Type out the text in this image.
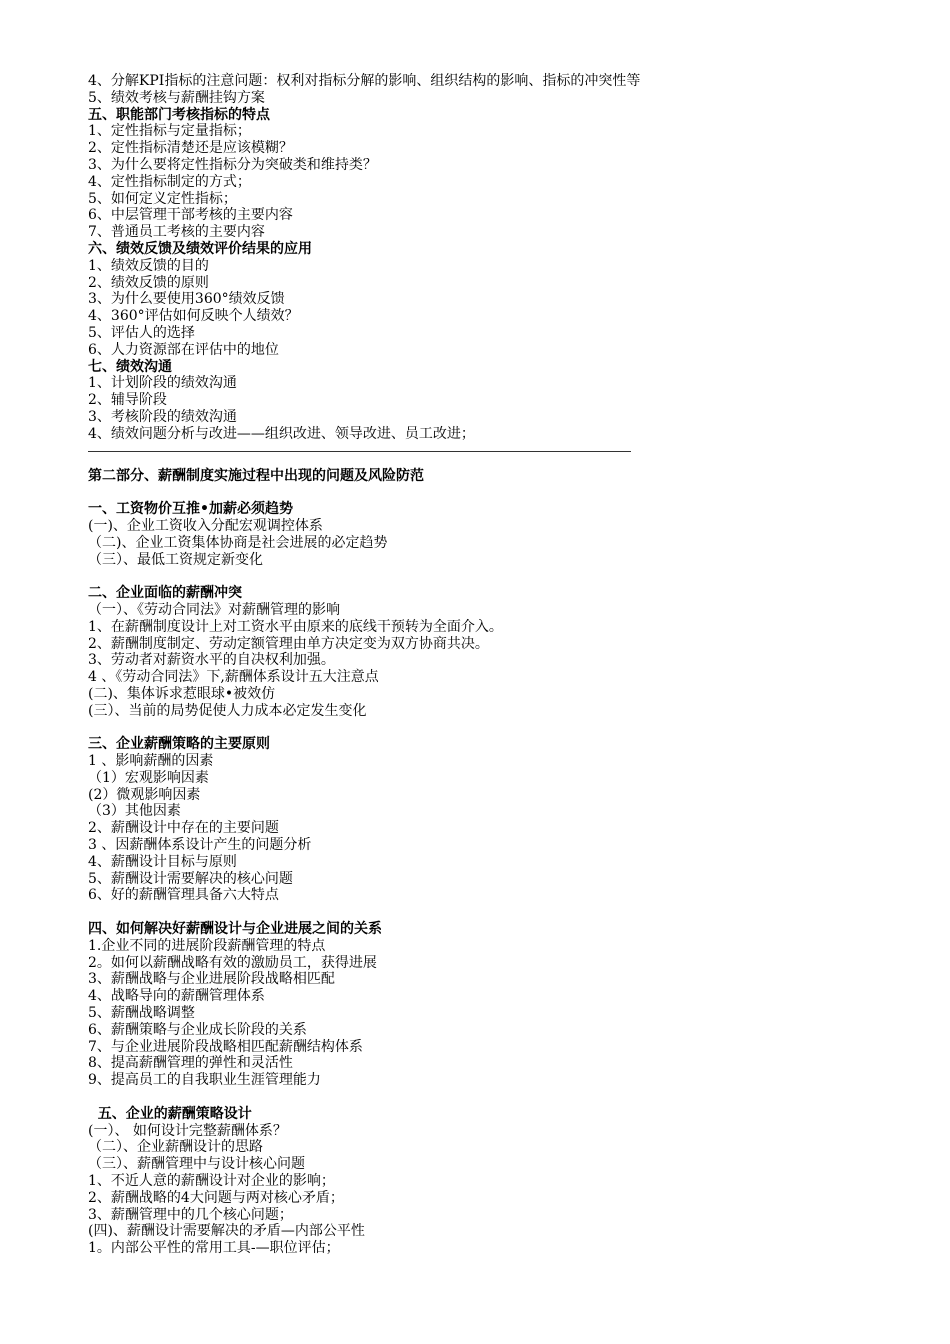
4、分解KPI指标的注意问题：权利对指标分解的影响、组织结构的影响、指标的冲突性等
5、绩效考核与薪酬挂钩方案
五、职能部门考核指标的特点
1、定性指标与定量指标；
2、定性指标清楚还是应该模糊？
3、为什么要将定性指标分为突破类和维持类？
4、定性指标制定的方式；
5、如何定义定性指标；
6、中层管理干部考核的主要内容
7、普通员工考核的主要内容
六、绩效反馈及绩效评价结果的应用
1、绩效反馈的目的
2、绩效反馈的原则
3、为什么要使用360°绩效反馈
4、360°评估如何反映个人绩效？
5、评估人的选择
6、人力资源部在评估中的地位
七、绩效沟通
1、计划阶段的绩效沟通
2、辅导阶段
3、考核阶段的绩效沟通
4、绩效问题分析与改进——组织改进、领导改进、员工改进；
第二部分、薪酬制度实施过程中出现的问题及风险防范
一、工资物价互推•加薪必须趋势
(一)、企业工资收入分配宏观调控体系
（二)、企业工资集体协商是社会进展的必定趋势
（三）、最低工资规定新变化
二、企业面临的薪酬冲突
（一）、《劳动合同法》对薪酬管理的影响
1、在薪酬制度设计上对工资水平由原来的底线干预转为全面介入。
2、薪酬制度制定、劳动定额管理由单方决定变为双方协商共决。
3、劳动者对薪资水平的自决权利加强。
4 、《劳动合同法》下,薪酬体系设计五大注意点
(二)、集体诉求惹眼球•被效仿
(三）、当前的局势促使人力成本必定发生变化
三、企业薪酬策略的主要原则
1 、影响薪酬的因素
（1）宏观影响因素
(2）微观影响因素
（3）其他因素
2、薪酬设计中存在的主要问题
3 、因薪酬体系设计产生的问题分析
4、薪酬设计目标与原则
5、薪酬设计需要解决的核心问题
6、好的薪酬管理具备六大特点
四、如何解决好薪酬设计与企业进展之间的关系
1.企业不同的进展阶段薪酬管理的特点
2。如何以薪酬战略有效的激励员工，获得进展
3、薪酬战略与企业进展阶段战略相匹配
4、战略导向的薪酬管理体系
5、薪酬战略调整
6、薪酬策略与企业成长阶段的关系
7、与企业进展阶段战略相匹配薪酬结构体系
8、提高薪酬管理的弹性和灵活性
9、提高员工的自我职业生涯管理能力
五、企业的薪酬策略设计
(一）、 如何设计完整薪酬体系？
（二）、企业薪酬设计的思路
（三）、薪酬管理中与设计核心问题
1、不近人意的薪酬设计对企业的影响；
2、薪酬战略的4大问题与两对核心矛盾；
3、薪酬管理中的几个核心问题；
(四)、薪酬设计需要解决的矛盾—内部公平性
1。内部公平性的常用工具-—职位评估；
